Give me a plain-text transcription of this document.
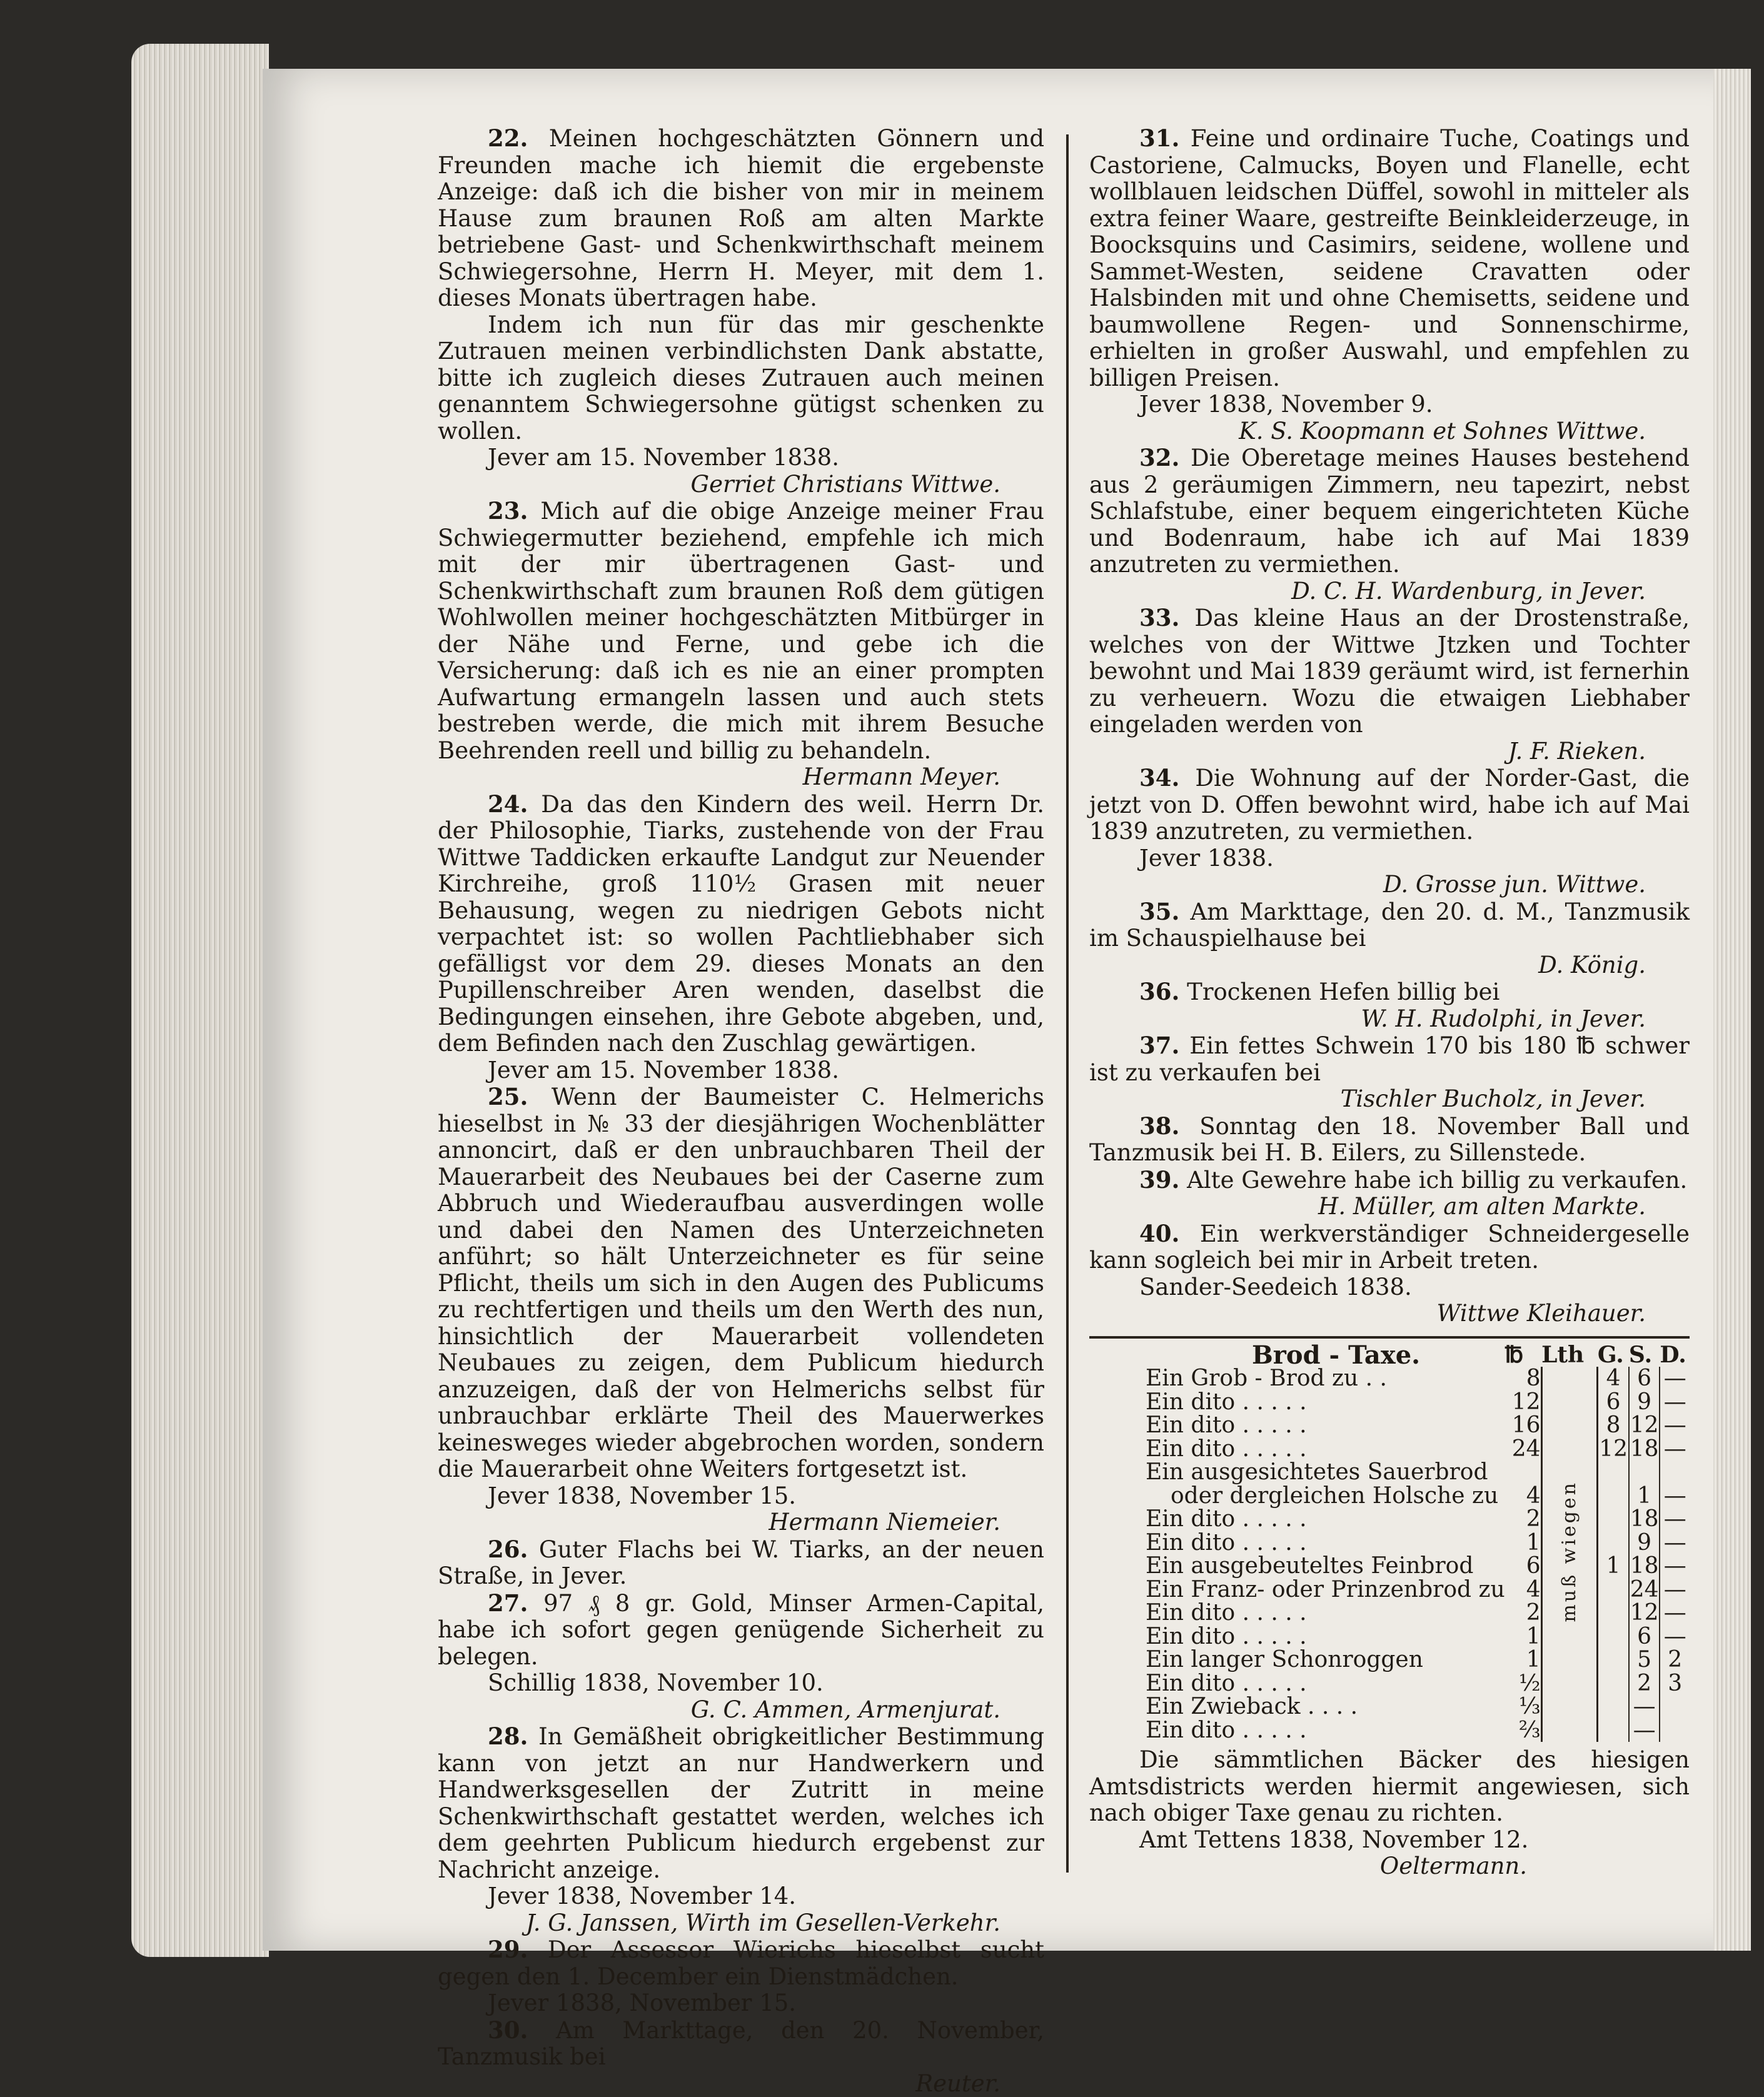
22. Meinen hochgeschätzten Gönnern und Freunden mache ich hiemit die ergebenste Anzeige: daß ich die bisher von mir in meinem Hause zum braunen Roß am alten Markte betriebene Gast- und Schenkwirthschaft meinem Schwiegersohne, Herrn H. Meyer, mit dem 1. dieses Monats übertragen habe.

Indem ich nun für das mir geschenkte Zutrauen meinen verbindlichsten Dank abstatte, bitte ich zugleich dieses Zutrauen auch meinen genanntem Schwiegersohne gütigst schenken zu wollen.

Jever am 15. November 1838.

Gerriet Christians Wittwe.

23. Mich auf die obige Anzeige meiner Frau Schwiegermutter beziehend, empfehle ich mich mit der mir übertragenen Gast- und Schenkwirthschaft zum braunen Roß dem gütigen Wohlwollen meiner hochgeschätzten Mitbürger in der Nähe und Ferne, und gebe ich die Versicherung: daß ich es nie an einer prompten Aufwartung ermangeln lassen und auch stets bestreben werde, die mich mit ihrem Besuche Beehrenden reell und billig zu behandeln.

Hermann Meyer.

24. Da das den Kindern des weil. Herrn Dr. der Philosophie, Tiarks, zustehende von der Frau Wittwe Taddicken erkaufte Landgut zur Neuender Kirchreihe, groß 110½ Grasen mit neuer Behausung, wegen zu niedrigen Gebots nicht verpachtet ist: so wollen Pachtliebhaber sich gefälligst vor dem 29. dieses Monats an den Pupillenschreiber Aren wenden, daselbst die Bedingungen einsehen, ihre Gebote abgeben, und, dem Befinden nach den Zuschlag gewärtigen.

Jever am 15. November 1838.

25. Wenn der Baumeister C. Helmerichs hieselbst in № 33 der diesjährigen Wochenblätter annoncirt, daß er den unbrauchbaren Theil der Mauerarbeit des Neubaues bei der Caserne zum Abbruch und Wiederaufbau ausverdingen wolle und dabei den Namen des Unterzeichneten anführt; so hält Unterzeichneter es für seine Pflicht, theils um sich in den Augen des Publicums zu rechtfertigen und theils um den Werth des nun, hinsichtlich der Mauerarbeit vollendeten Neubaues zu zeigen, dem Publicum hiedurch anzuzeigen, daß der von Helmerichs selbst für unbrauchbar erklärte Theil des Mauerwerkes keinesweges wieder abgebrochen worden, sondern die Mauerarbeit ohne Weiters fortgesetzt ist.

Jever 1838, November 15.

Hermann Niemeier.

26. Guter Flachs bei W. Tiarks, an der neuen Straße, in Jever.

27. 97 ₰ 8 gr. Gold, Minser Armen-Capital, habe ich sofort gegen genügende Sicherheit zu belegen.

Schillig 1838, November 10.

G. C. Ammen, Armenjurat.

28. In Gemäßheit obrigkeitlicher Bestimmung kann von jetzt an nur Handwerkern und Handwerksgesellen der Zutritt in meine Schenkwirthschaft gestattet werden, welches ich dem geehrten Publicum hiedurch ergebenst zur Nachricht anzeige.

Jever 1838, November 14.

J. G. Janssen, Wirth im Gesellen-Verkehr.

29. Der Assessor Wierichs hieselbst sucht gegen den 1. December ein Dienstmädchen.

Jever 1838, November 15.

30. Am Markttage, den 20. November, Tanzmusik bei

Reuter.

31. Feine und ordinaire Tuche, Coatings und Castoriene, Calmucks, Boyen und Flanelle, echt wollblauen leidschen Düffel, sowohl in mitteler als extra feiner Waare, gestreifte Beinkleiderzeuge, in Boocksquins und Casimirs, seidene, wollene und Sammet-Westen, seidene Cravatten oder Halsbinden mit und ohne Chemisetts, seidene und baumwollene Regen- und Sonnenschirme, erhielten in großer Auswahl, und empfehlen zu billigen Preisen.

Jever 1838, November 9.

K. S. Koopmann et Sohnes Wittwe.

32. Die Oberetage meines Hauses bestehend aus 2 geräumigen Zimmern, neu tapezirt, nebst Schlafstube, einer bequem eingerichteten Küche und Bodenraum, habe ich auf Mai 1839 anzutreten zu vermiethen.

D. C. H. Wardenburg, in Jever.

33. Das kleine Haus an der Drostenstraße, welches von der Wittwe Jtzken und Tochter bewohnt und Mai 1839 geräumt wird, ist fernerhin zu verheuern. Wozu die etwaigen Liebhaber eingeladen werden von

J. F. Rieken.

34. Die Wohnung auf der Norder-Gast, die jetzt von D. Offen bewohnt wird, habe ich auf Mai 1839 anzutreten, zu vermiethen.

Jever 1838.

D. Grosse jun. Wittwe.

35. Am Markttage, den 20. d. M., Tanzmusik im Schauspielhause bei

D. König.

36. Trockenen Hefen billig bei

W. H. Rudolphi, in Jever.

37. Ein fettes Schwein 170 bis 180 ℔ schwer ist zu verkaufen bei

Tischler Bucholz, in Jever.

38. Sonntag den 18. November Ball und Tanzmusik bei H. B. Eilers, zu Sillenstede.

39. Alte Gewehre habe ich billig zu verkaufen.

H. Müller, am alten Markte.

40. Ein werkverständiger Schneidergeselle kann sogleich bei mir in Arbeit treten.

Sander-Seedeich 1838.

Wittwe Kleihauer.

Brod - Taxe.	℔	Lth	G.	S.	D.
Ein Grob - Brod zu . .	8	muß wiegen	4	6	—
Ein dito . . . . .	12		6	9	—
Ein dito . . . . .	16		8	12	—
Ein dito . . . . .	24		12	18	—
Ein ausgesichtetes Sauerbrod					
oder dergleichen Holsche zu	4			1	—
Ein dito . . . . .	2			18	—
Ein dito . . . . .	1			9	—
Ein ausgebeuteltes Feinbrod	6		1	18	—
Ein Franz- oder Prinzenbrod zu	4			24	—
Ein dito . . . . .	2			12	—
Ein dito . . . . .	1			6	—
Ein langer Schonroggen	1			5	2
Ein dito . . . . .	½			2	3
Ein Zwieback . . . .	⅓			—	
Ein dito . . . . .	⅔			—	

Die sämmtlichen Bäcker des hiesigen Amtsdistricts werden hiermit angewiesen, sich nach obiger Taxe genau zu richten.

Amt Tettens 1838, November 12.

Oeltermann.
